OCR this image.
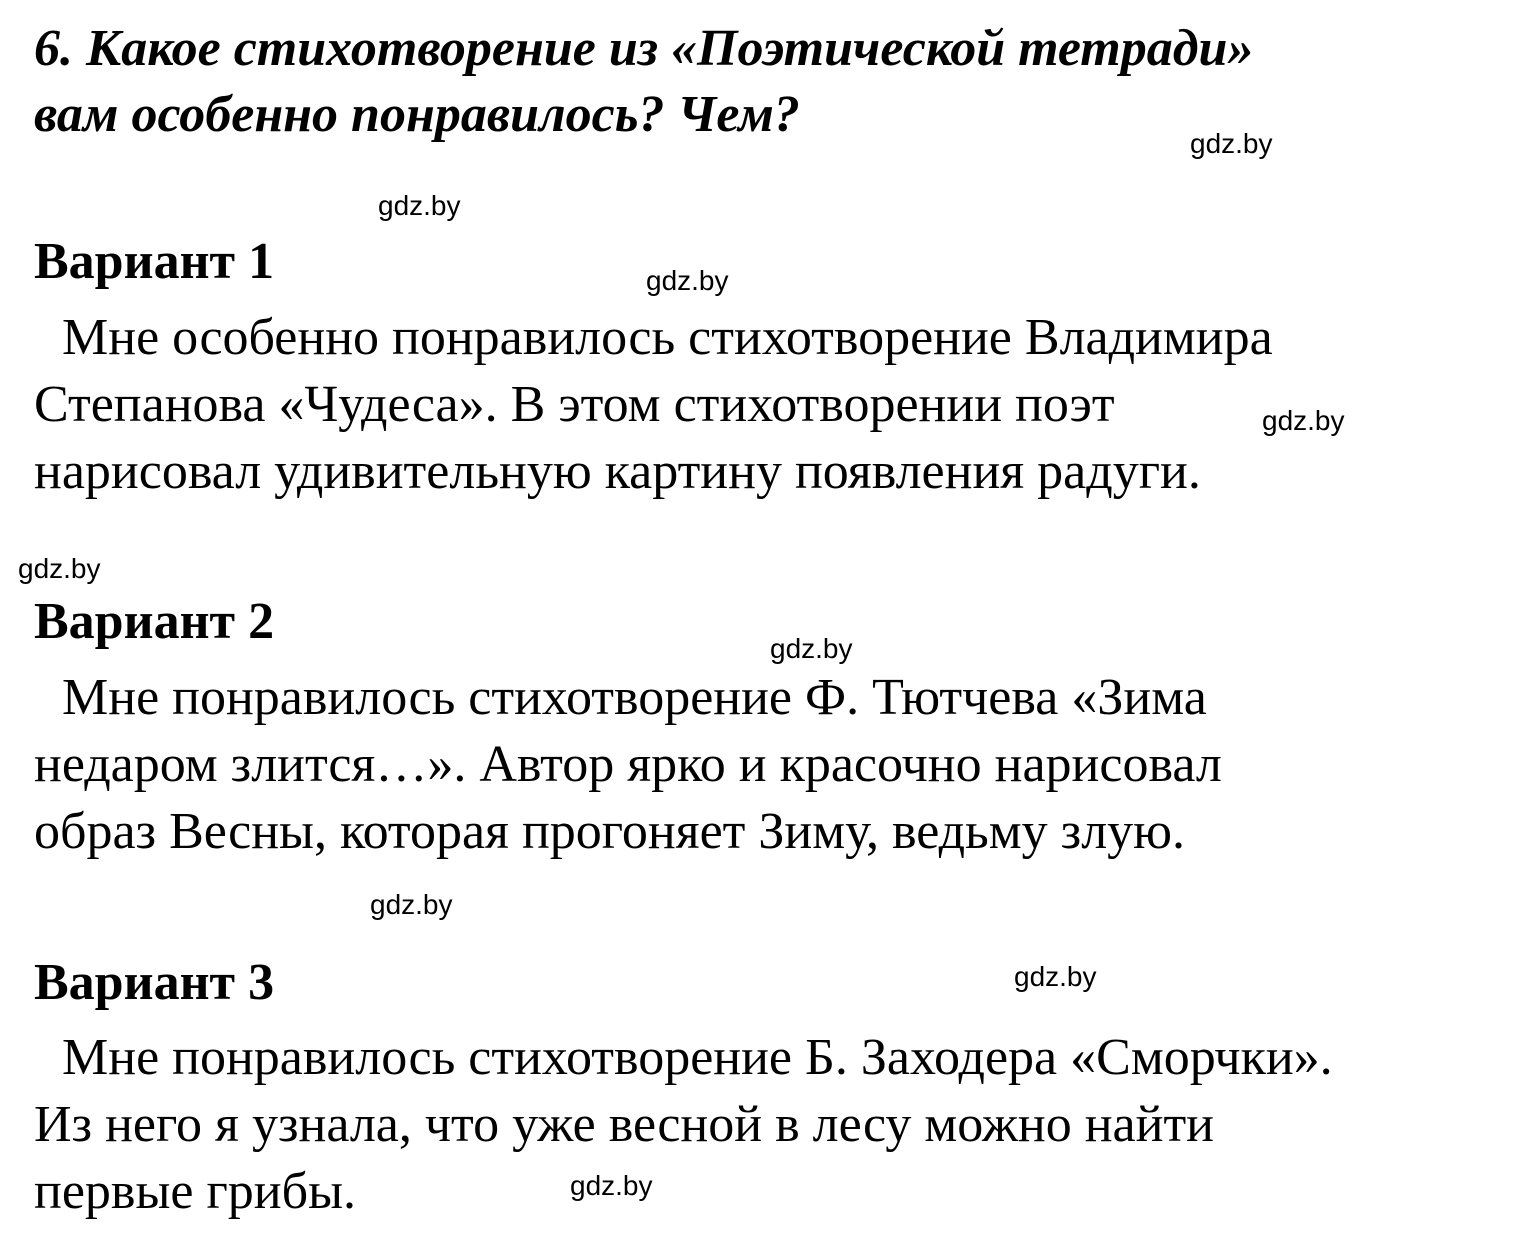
6. Какое стихотворение из «Поэтической тетради»
вам особенно понравилось? Чем?
Вариант 1
Мне особенно понравилось стихотворение Владимира
Степанова «Чудеса». В этом стихотворении поэт
нарисовал удивительную картину появления радуги.
Вариант 2
Мне понравилось стихотворение Ф. Тютчева «Зима
недаром злится…». Автор ярко и красочно нарисовал
образ Весны, которая прогоняет Зиму, ведьму злую.
Вариант 3
Мне понравилось стихотворение Б. Заходера «Сморчки».
Из него я узнала, что уже весной в лесу можно найти
первые грибы.
gdz.by
gdz.by
gdz.by
gdz.by
gdz.by
gdz.by
gdz.by
gdz.by
gdz.by
